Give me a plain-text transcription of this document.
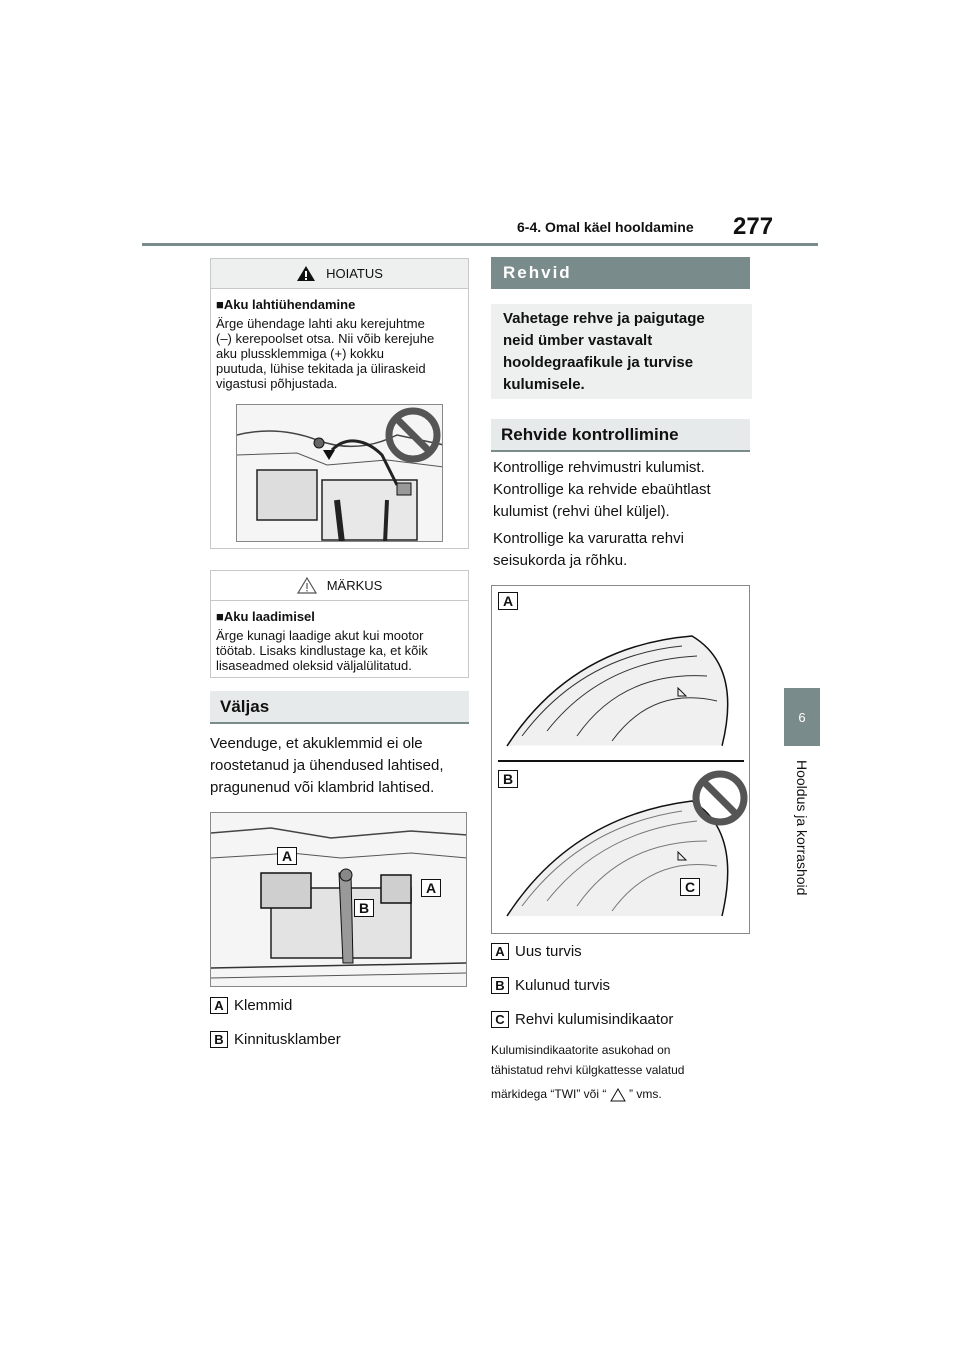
6-4. Omal käel hooldamine 277
6
Hooldus ja korrashoid
HOIATUS
■Aku lahtiühendamine
Ärge ühendage lahti aku kerejuhtme
(–) kerepoolset otsa. Nii võib kerejuhe
aku plussklemmiga (+) kokku
puutuda, lühise tekitada ja üliraskeid
vigastusi põhjustada.
MÄRKUS
■Aku laadimisel
Ärge kunagi laadige akut kui mootor
töötab. Lisaks kindlustage ka, et kõik
lisaseadmed oleksid väljalülitatud.
Väljas
Veenduge, et akuklemmid ei ole
roostetanud ja ühendused lahtised,
pragunenud või klambrid lahtised.
A
A
B
A Klemmid
B Kinnitusklamber
Rehvid
Vahetage rehve ja paigutage
neid ümber vastavalt
hooldegraafikule ja turvise
kulumisele.
Rehvide kontrollimine
Kontrollige rehvimustri kulumist.
Kontrollige ka rehvide ebaühtlast
kulumist (rehvi ühel küljel).
Kontrollige ka varuratta rehvi
seisukorda ja rõhku.
A
B
C
A Uus turvis
B Kulunud turvis
C Rehvi kulumisindikaator
Kulumisindikaatorite asukohad on
tähistatud rehvi külgkattesse valatud
märkidega “TWI” või “ ” vms.
